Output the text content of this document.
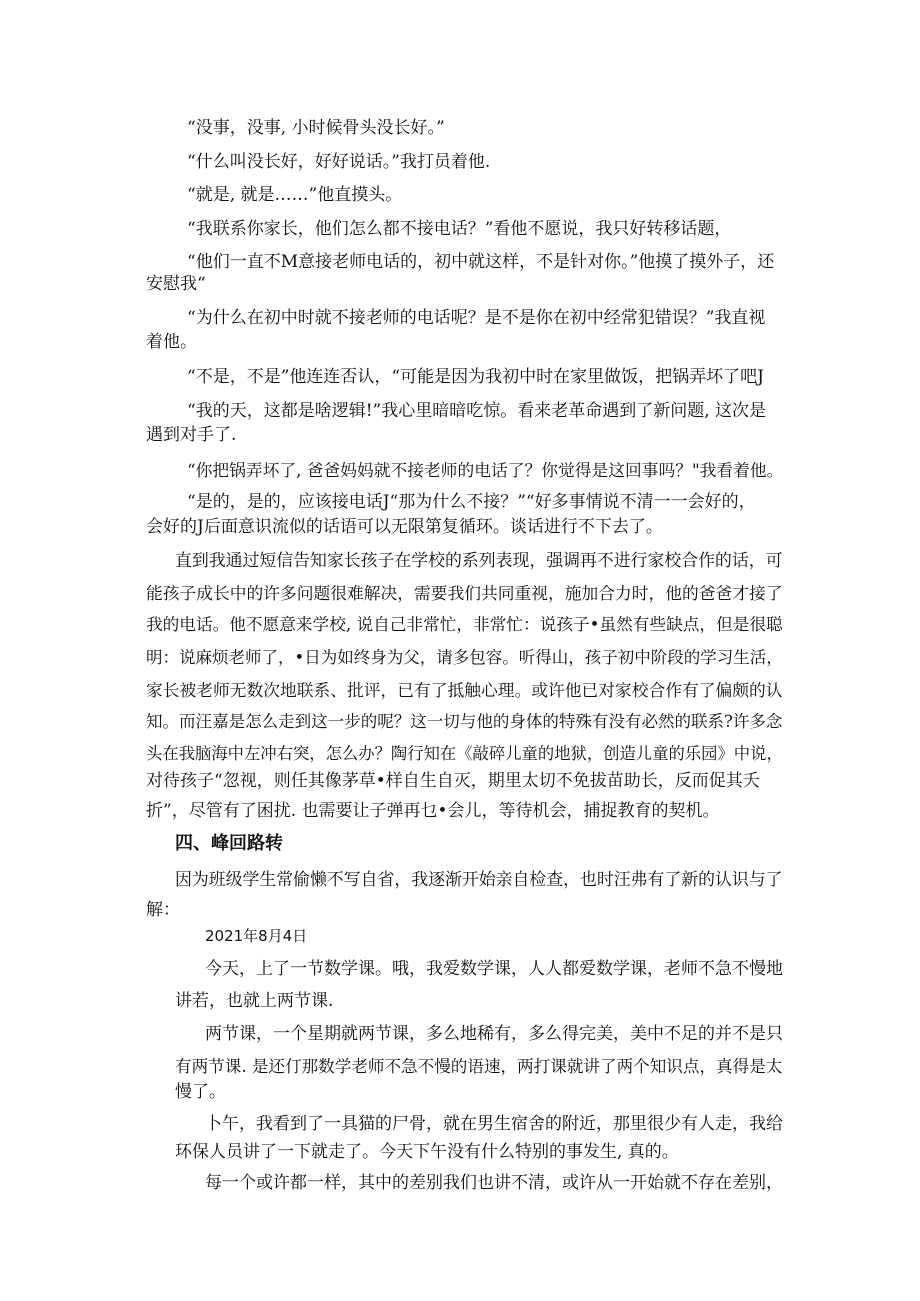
“没事，没事, 小时候骨头没长好。”

“什么叫没长好，好好说话。”我打员着他.

“就是, 就是……”他直摸头。

“我联系你家长，他们怎么都不接电话？”看他不愿说，我只好转移话题，

“他们一直不M意接老师电话的，初中就这样，不是针对你。”他摸了摸外子，还

安慰我“

“为什么在初中时就不接老师的电话呢？是不是你在初中经常犯错误？”我直视

着他。

“不是，不是”他连连否认，“可能是因为我初中时在家里做饭，把锅弄坏了吧J

“我的天，这都是啥逻辑!”我心里暗暗吃惊。看来老革命遇到了新问题, 这次是

遇到对手了.

“你把锅弄坏了, 爸爸妈妈就不接老师的电话了？你觉得是这回事吗？"我看着他。

“是的，是的，应该接电话J“那为什么不接？”“好多事情说不清一一会好的，

会好的J后面意识流似的话语可以无限第复循环。谈话进行不下去了。

直到我通过短信告知家长孩子在学校的系列表现，强调再不进行家校合作的话，可

能孩子成长中的许多问题很难解决，需要我们共同重视，施加合力时，他的爸爸才接了

我的电话。他不愿意来学校, 说自己非常忙，非常忙：说孩子•虽然有些缺点，但是很聪

明：说麻烦老师了，•日为如终身为父，请多包容。听得山，孩子初中阶段的学习生活，

家长被老师无数次地联系、批评，已有了抵触心理。或许他已对家校合作有了偏颇的认

知。而汪嘉是怎么走到这一步的呢？这一切与他的身体的特殊有没有必然的联系?许多念

头在我脑海中左冲右突，怎么办？陶行知在《敲碎儿童的地狱，创造儿童的乐园》中说，

对待孩子“忽视，则任其像茅草•样自生自灭，期里太切不免拔苗助长，反而促其夭

折”，尽管有了困扰. 也需要让子弹再乜•会儿，等待机会，捕捉教育的契机。

四、峰回路转

因为班级学生常偷懒不写自省，我逐渐开始亲自检查，也时汪弗有了新的认识与了

解：

2021年8月4日

今天，上了一节数学课。哦，我爱数学课，人人都爱数学课，老师不急不慢地

讲若，也就上两节课.

两节课，一个星期就两节课，多么地稀有，多么得完美，美中不足的并不是只

有两节课. 是还仃那数学老师不急不慢的语速，两打课就讲了两个知识点，真得是太

慢了。

卜午，我看到了一具猫的尸骨，就在男生宿舍的附近，那里很少有人走，我给

环保人员讲了一下就走了。今天下午没有什么特别的事发生, 真的。

每一个或许都一样，其中的差别我们也讲不清，或许从一开始就不存在差别，
